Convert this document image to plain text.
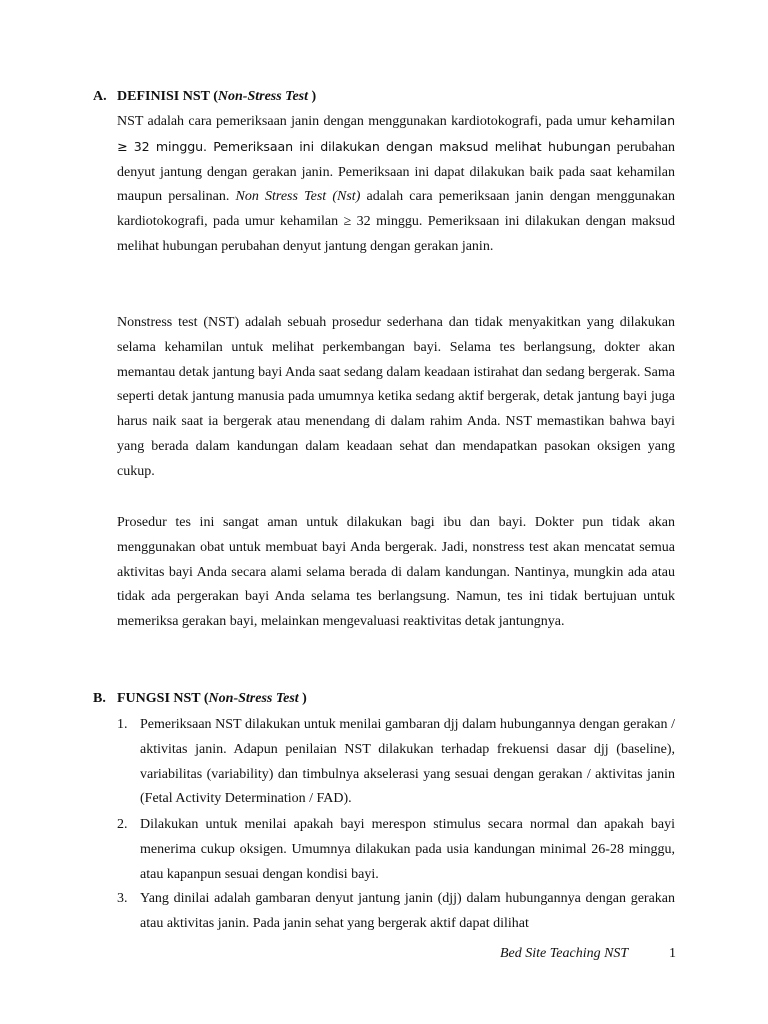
A. DEFINISI NST (Non-Stress Test )
NST adalah cara pemeriksaan janin dengan menggunakan kardiotokografi, pada umur kehamilan ≥ 32 minggu. Pemeriksaan ini dilakukan dengan maksud melihat hubungan perubahan denyut jantung dengan gerakan janin. Pemeriksaan ini dapat dilakukan baik pada saat kehamilan maupun persalinan. Non Stress Test (Nst) adalah cara pemeriksaan janin dengan menggunakan kardiotokografi, pada umur kehamilan ≥ 32 minggu. Pemeriksaan ini dilakukan dengan maksud melihat hubungan perubahan denyut jantung dengan gerakan janin.
Nonstress test (NST) adalah sebuah prosedur sederhana dan tidak menyakitkan yang dilakukan selama kehamilan untuk melihat perkembangan bayi. Selama tes berlangsung, dokter akan memantau detak jantung bayi Anda saat sedang dalam keadaan istirahat dan sedang bergerak. Sama seperti detak jantung manusia pada umumnya ketika sedang aktif bergerak, detak jantung bayi juga harus naik saat ia bergerak atau menendang di dalam rahim Anda. NST memastikan bahwa bayi yang berada dalam kandungan dalam keadaan sehat dan mendapatkan pasokan oksigen yang cukup.
Prosedur tes ini sangat aman untuk dilakukan bagi ibu dan bayi. Dokter pun tidak akan menggunakan obat untuk membuat bayi Anda bergerak. Jadi, nonstress test akan mencatat semua aktivitas bayi Anda secara alami selama berada di dalam kandungan. Nantinya, mungkin ada atau tidak ada pergerakan bayi Anda selama tes berlangsung. Namun, tes ini tidak bertujuan untuk memeriksa gerakan bayi, melainkan mengevaluasi reaktivitas detak jantungnya.
B. FUNGSI NST (Non-Stress Test )
1. Pemeriksaan NST dilakukan untuk menilai gambaran djj dalam hubungannya dengan gerakan / aktivitas janin. Adapun penilaian NST dilakukan terhadap frekuensi dasar djj (baseline), variabilitas (variability) dan timbulnya akselerasi yang sesuai dengan gerakan / aktivitas janin (Fetal Activity Determination / FAD).
2. Dilakukan untuk menilai apakah bayi merespon stimulus secara normal dan apakah bayi menerima cukup oksigen. Umumnya dilakukan pada usia kandungan minimal 26-28 minggu, atau kapanpun sesuai dengan kondisi bayi.
3. Yang dinilai adalah gambaran denyut jantung janin (djj) dalam hubungannya dengan gerakan atau aktivitas janin. Pada janin sehat yang bergerak aktif dapat dilihat
Bed Site Teaching NST	1
